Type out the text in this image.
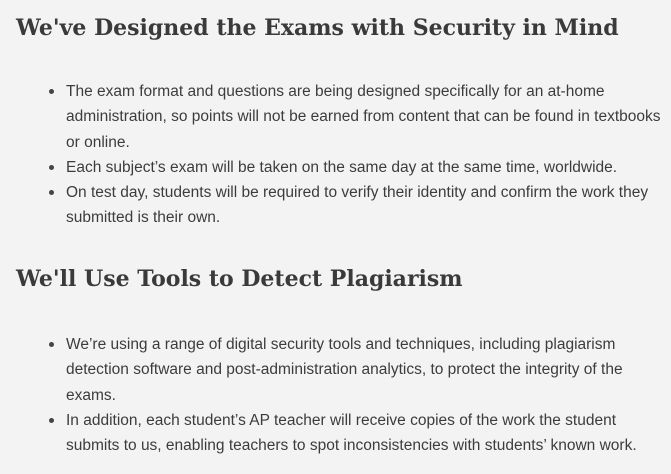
We've Designed the Exams with Security in Mind
The exam format and questions are being designed specifically for an at-home administration, so points will not be earned from content that can be found in textbooks or online.
Each subject’s exam will be taken on the same day at the same time, worldwide.
On test day, students will be required to verify their identity and confirm the work they submitted is their own.
We'll Use Tools to Detect Plagiarism
We’re using a range of digital security tools and techniques, including plagiarism detection software and post-administration analytics, to protect the integrity of the exams.
In addition, each student’s AP teacher will receive copies of the work the student submits to us, enabling teachers to spot inconsistencies with students’ known work.
